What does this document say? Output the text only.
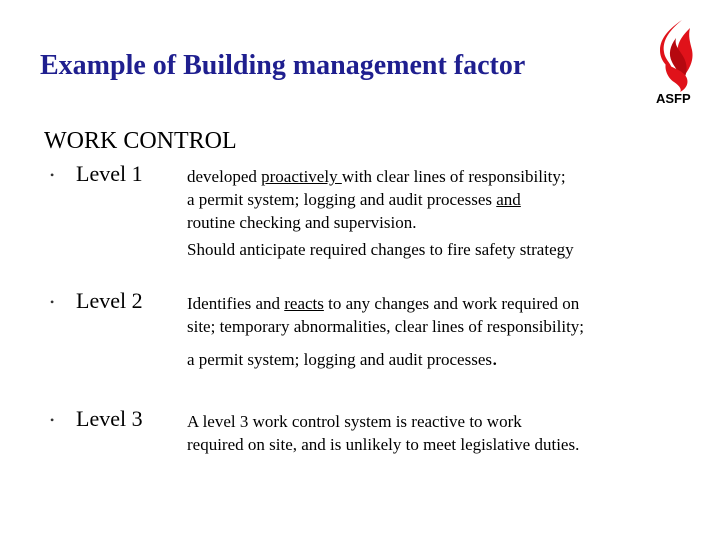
Example of Building management factor
ASFP
WORK CONTROL
• Level 1	developed proactively with clear lines of responsibility;
a permit system; logging and audit processes and
routine checking and supervision.
Should anticipate required changes to fire safety strategy
• Level 2	Identifies and reacts to any changes and work required on
site; temporary abnormalities, clear lines of responsibility;
a permit system; logging and audit processes.
• Level 3	A level 3 work control system is reactive to work
required on site, and is unlikely to meet legislative duties.
